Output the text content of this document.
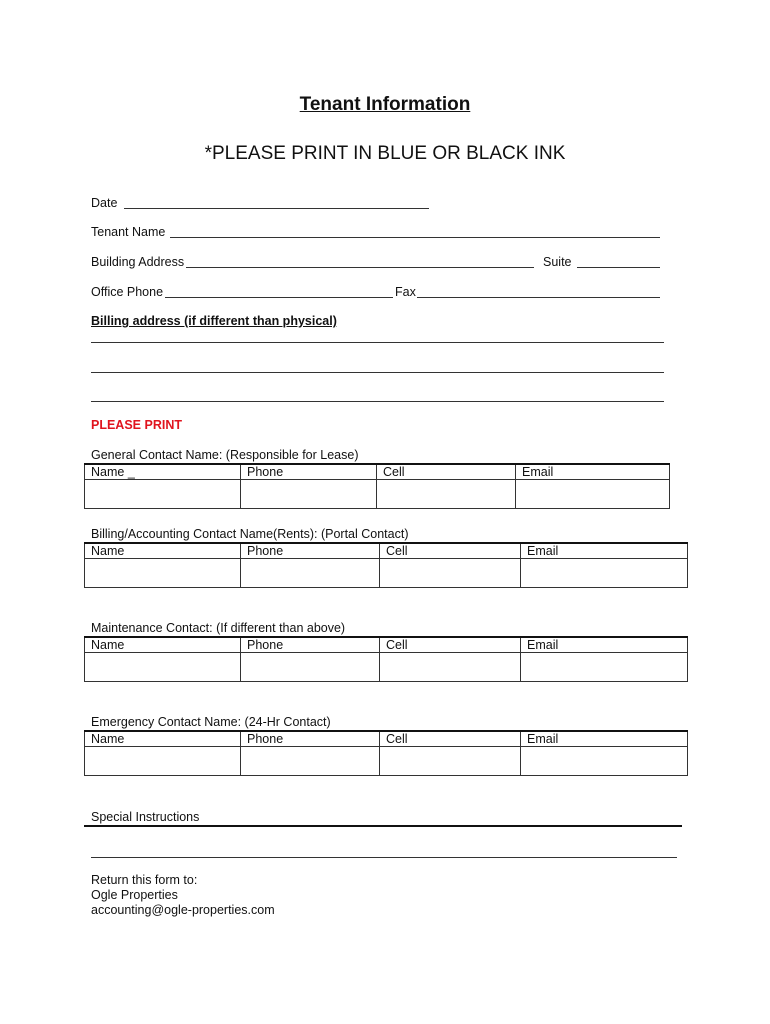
Tenant Information
*PLEASE PRINT IN BLUE OR BLACK INK
Date
Tenant Name
Building Address	Suite
Office Phone	Fax
Billing address (if different than physical)
PLEASE PRINT
General Contact Name: (Responsible for Lease)
Name _	Phone	Cell	Email

Billing/Accounting Contact Name(Rents): (Portal Contact)
Name	Phone	Cell	Email

Maintenance Contact: (If different than above)
Name	Phone	Cell	Email

Emergency Contact Name: (24-Hr Contact)
Name	Phone	Cell	Email

Special Instructions
Return this form to:
Ogle Properties
accounting@ogle-properties.com
